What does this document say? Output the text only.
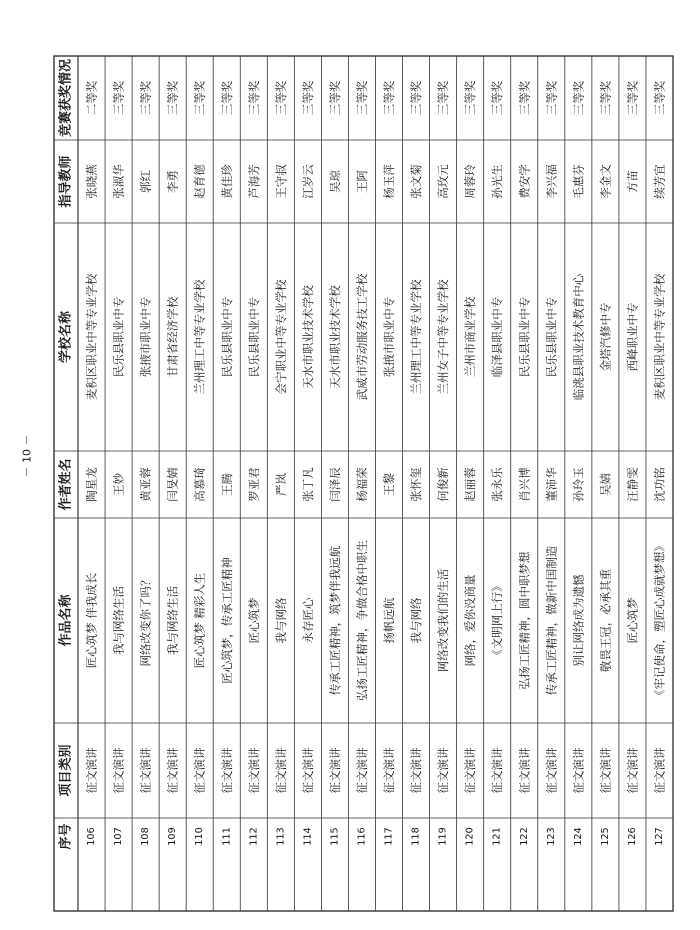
序号
项目类别
作品名称
作者姓名
学校名称
指导教师
竞赛获奖情况
106
征文演讲
匠心筑梦 伴我成长
陶星龙
麦积区职业中等专业学校
张晓燕
二等奖
107
征文演讲
我与网络生活
王妙
民乐县职业中专
张淑华
三等奖
108
征文演讲
网络改变你了吗？
黄亚蓉
张掖市职业中专
郭红
三等奖
109
征文演讲
我与网络生活
闫旻婧
甘肃省经济学校
李勇
三等奖
110
征文演讲
匠心筑梦 精彩人生
高慕琦
兰州理工中等专业学校
赵育德
三等奖
111
征文演讲
匠心筑梦，传承工匠精神
王腾
民乐县职业中专
黄佳珍
三等奖
112
征文演讲
匠心筑梦
罗亚君
民乐县职业中专
芦海芳
三等奖
113
征文演讲
我与网络
严岚
会宁职业中等专业学校
王守叔
三等奖
114
征文演讲
永存匠心
张丁凡
天水市职业技术学校
江岁云
三等奖
115
征文演讲
传承工匠精神，筑梦伴我远航
闫泽辰
天水市职业技术学校
吴琼
三等奖
116
征文演讲
弘扬工匠精神，争做合格中职生
杨福荣
武威市劳动服务技工学校
王阿
三等奖
117
征文演讲
扬帆远航
王黎
张掖市职业中专
杨玉萍
三等奖
118
征文演讲
我与网络
张怀玺
兰州理工中等专业学校
张文菊
三等奖
119
征文演讲
网络改变我们的生活
何俊新
兰州女子中等专业学校
高玫元
三等奖
120
征文演讲
网络，爱你没商量
赵丽蓉
兰州市商业学校
周蓉玲
三等奖
121
征文演讲
《文明网上行》
张永乐
临泽县职业中专
孙光生
三等奖
122
征文演讲
弘扬工匠精神，圆中职梦想
肖兴博
民乐县职业中专
费安学
三等奖
123
征文演讲
传承工匠精神，做新中国制造
董沛华
民乐县职业中专
李兴福
三等奖
124
征文演讲
别让网络成为遗憾
孙玲玉
临洮县职业技术教育中心
毛惠芬
三等奖
125
征文演讲
敬畏王冠，必承其重
吴婧
金塔汽修中专
李金文
三等奖
126
征文演讲
匠心筑梦
汪静雯
西峰职业中专
方苗
三等奖
127
征文演讲
《牢记使命，塑匠心成就梦想》
沈功铭
麦积区职业中等专业学校
续芳宜
三等奖
－ 10 －
